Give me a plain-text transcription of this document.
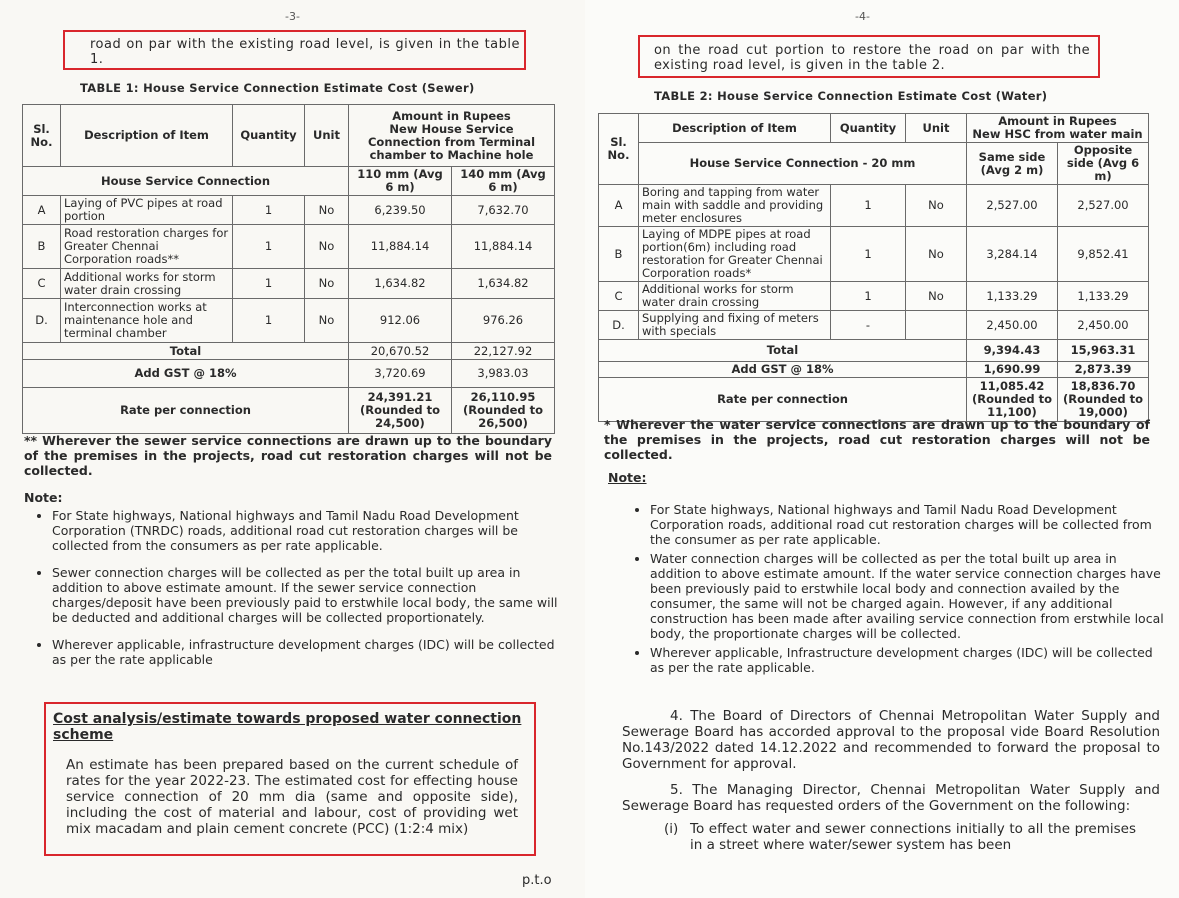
-3-
road on par with the existing road level, is given in the table 1.
TABLE 1: House Service Connection Estimate Cost (Sewer)
Sl. No.	Description of Item	Quantity	Unit	Amount in Rupees
New House Service Connection from Terminal chamber to Machine hole	

House Service Connection				110 mm (Avg 6 m)	140 mm (Avg 6 m)
A	Laying of PVC pipes at road portion	1	No	6,239.50	7,632.70
B	Road restoration charges for Greater Chennai Corporation roads**	1	No	11,884.14	11,884.14
C	Additional works for storm water drain crossing	1	No	1,634.82	1,634.82
D.	Interconnection works at maintenance hole and terminal chamber	1	No	912.06	976.26
Total				20,670.52	22,127.92
Add GST @ 18%				3,720.69	3,983.03
Rate per connection				24,391.21 (Rounded to 24,500)	26,110.95 (Rounded to 26,500)
** Wherever the sewer service connections are drawn up to the boundary of the premises in the projects, road cut restoration charges will not be collected.
Note:
• For State highways, National highways and Tamil Nadu Road Development Corporation (TNRDC) roads, additional road cut restoration charges will be collected from the consumers as per rate applicable.
• Sewer connection charges will be collected as per the total built up area in addition to above estimate amount. If the sewer service connection charges/deposit have been previously paid to erstwhile local body, the same will be deducted and additional charges will be collected proportionately.
• Wherever applicable, infrastructure development charges (IDC) will be collected as per the rate applicable
Cost analysis/estimate towards proposed water connection scheme
An estimate has been prepared based on the current schedule of rates for the year 2022-23. The estimated cost for effecting house service connection of 20 mm dia (same and opposite side), including the cost of material and labour, cost of providing wet mix macadam and plain cement concrete (PCC) (1:2:4 mix)
p.t.o
-4-
on the road cut portion to restore the road on par with the existing road level, is given in the table 2.
TABLE 2: House Service Connection Estimate Cost (Water)
Sl. No.	Description of Item	Quantity	Unit	Amount in Rupees
New HSC from water main	

	House Service Connection - 20 mm			Same side (Avg 2 m)	Opposite side (Avg 6 m)
A	Boring and tapping from water main with saddle and providing meter enclosures	1	No	2,527.00	2,527.00
B	Laying of MDPE pipes at road portion(6m) including road restoration for Greater Chennai Corporation roads*	1	No	3,284.14	9,852.41
C	Additional works for storm water drain crossing	1	No	1,133.29	1,133.29
D.	Supplying and fixing of meters with specials	-		2,450.00	2,450.00
Total				9,394.43	15,963.31
Add GST @ 18%				1,690.99	2,873.39
Rate per connection				11,085.42 (Rounded to 11,100)	18,836.70 (Rounded to 19,000)
* Wherever the water service connections are drawn up to the boundary of the premises in the projects, road cut restoration charges will not be collected.
Note:
• For State highways, National highways and Tamil Nadu Road Development Corporation roads, additional road cut restoration charges will be collected from the consumer as per rate applicable.
• Water connection charges will be collected as per the total built up area in addition to above estimate amount. If the water service connection charges have been previously paid to erstwhile local body and connection availed by the consumer, the same will not be charged again. However, if any additional construction has been made after availing service connection from erstwhile local body, the proportionate charges will be collected.
• Wherever applicable, Infrastructure development charges (IDC) will be collected as per the rate applicable.
4. The Board of Directors of Chennai Metropolitan Water Supply and Sewerage Board has accorded approval to the proposal vide Board Resolution No.143/2022 dated 14.12.2022 and recommended to forward the proposal to Government for approval.
5. The Managing Director, Chennai Metropolitan Water Supply and Sewerage Board has requested orders of the Government on the following:
(i) To effect water and sewer connections initially to all the premises in a street where water/sewer system has been
